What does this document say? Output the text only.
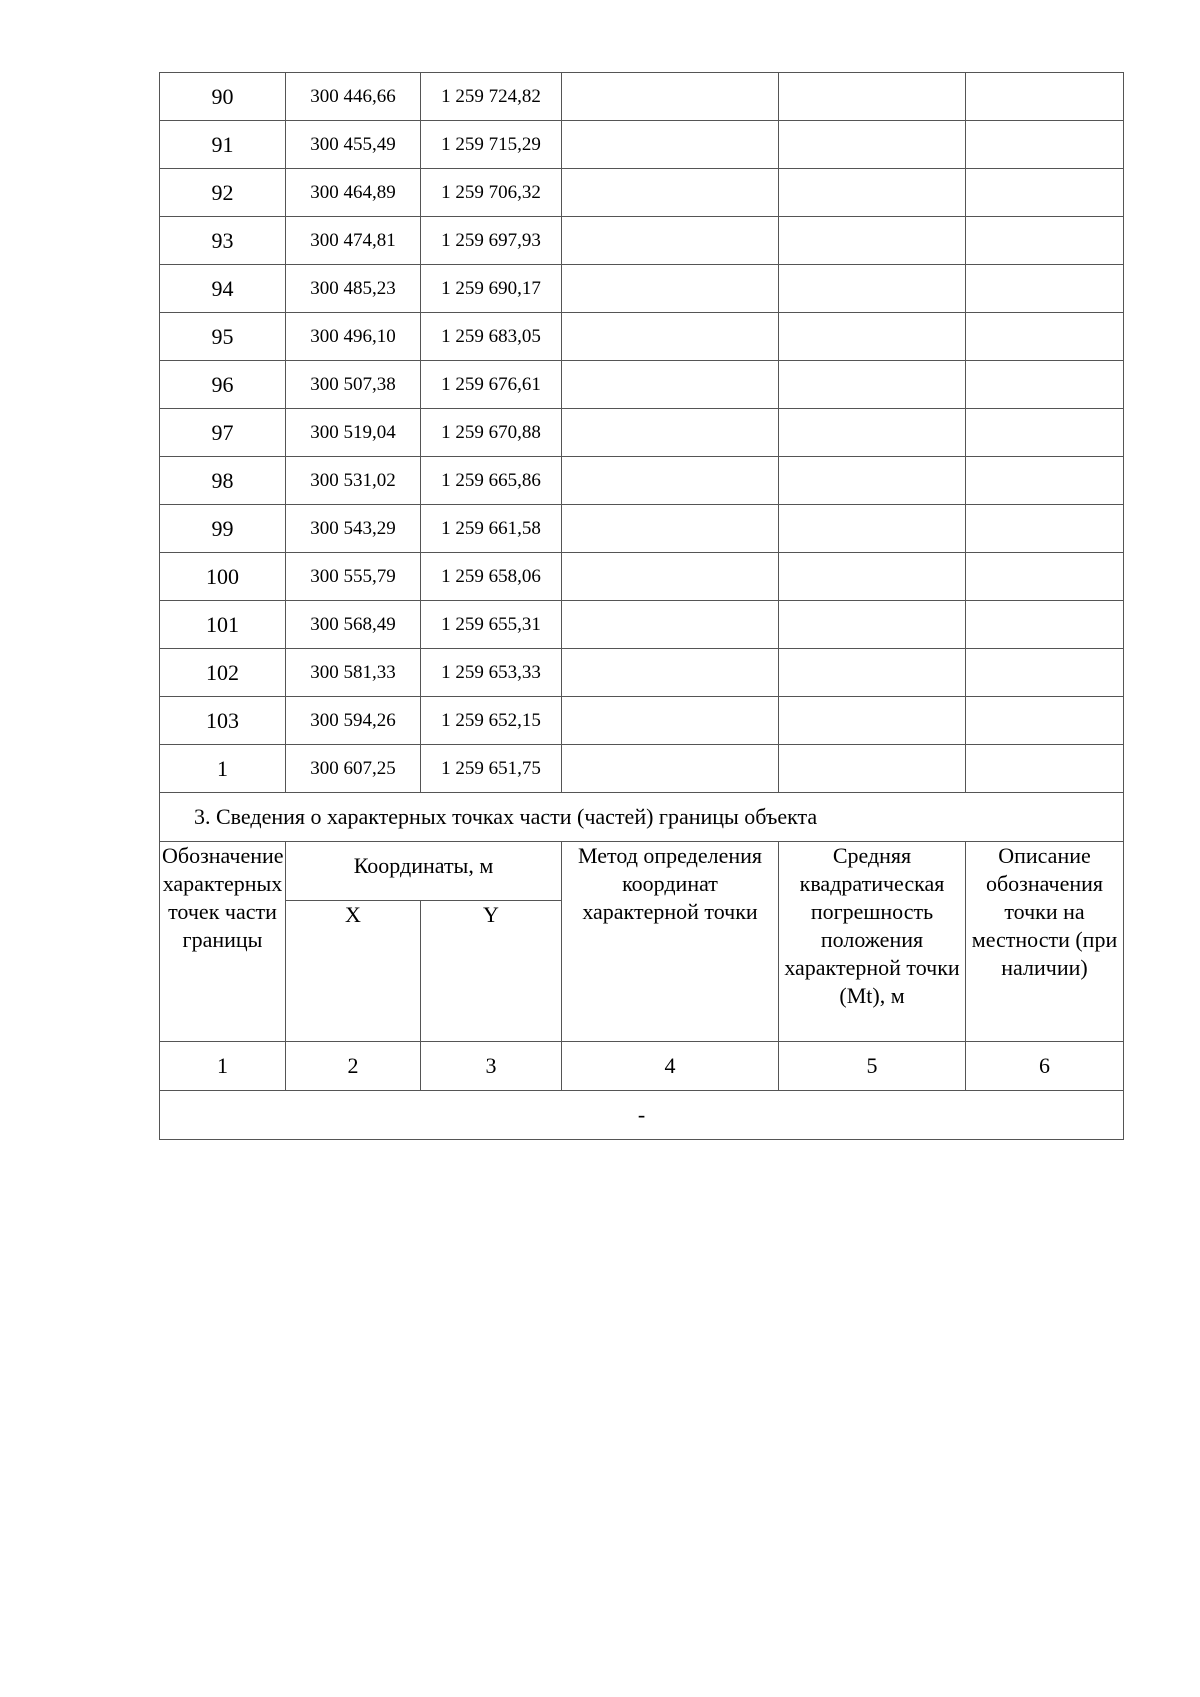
90	300 446,66	1 259 724,82			
91	300 455,49	1 259 715,29			
92	300 464,89	1 259 706,32			
93	300 474,81	1 259 697,93			
94	300 485,23	1 259 690,17			
95	300 496,10	1 259 683,05			
96	300 507,38	1 259 676,61			
97	300 519,04	1 259 670,88			
98	300 531,02	1 259 665,86			
99	300 543,29	1 259 661,58			
100	300 555,79	1 259 658,06			
101	300 568,49	1 259 655,31			
102	300 581,33	1 259 653,33			
103	300 594,26	1 259 652,15			
1	300 607,25	1 259 651,75			
3. Сведения о характерных точках части (частей) границы объекта					
Обозначение характерных точек части границы	Координаты, м		Метод определения координат характерной точки	Средняя квадратическая погрешность положения характерной точки (Mt), м	Описание обозначения точки на местности (при наличии)
	X	Y			
1	2	3	4	5	6
-					
